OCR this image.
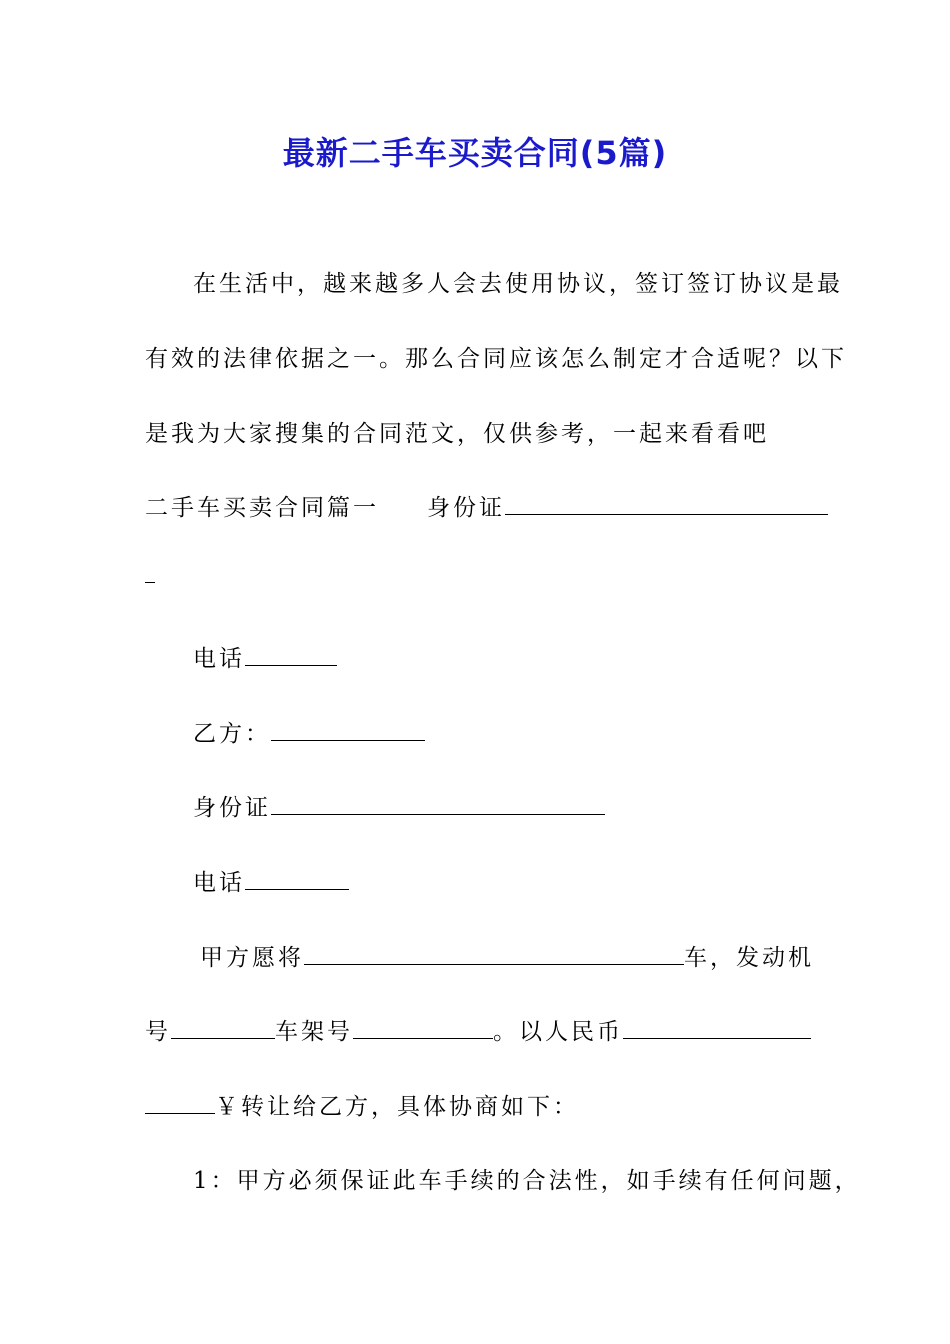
最新二手车买卖合同(5篇)
在生活中，越来越多人会去使用协议，签订签订协议是最
有效的法律依据之一。那么合同应该怎么制定才合适呢？以下
是我为大家搜集的合同范文，仅供参考，一起来看看吧
二手车买卖合同篇一 身份证
电话
乙方：
身份证
电话
甲方愿将	车，发动机
号	车架号	。以人民币
￥转让给乙方，具体协商如下：
1：甲方必须保证此车手续的合法性，如手续有任何问题，
